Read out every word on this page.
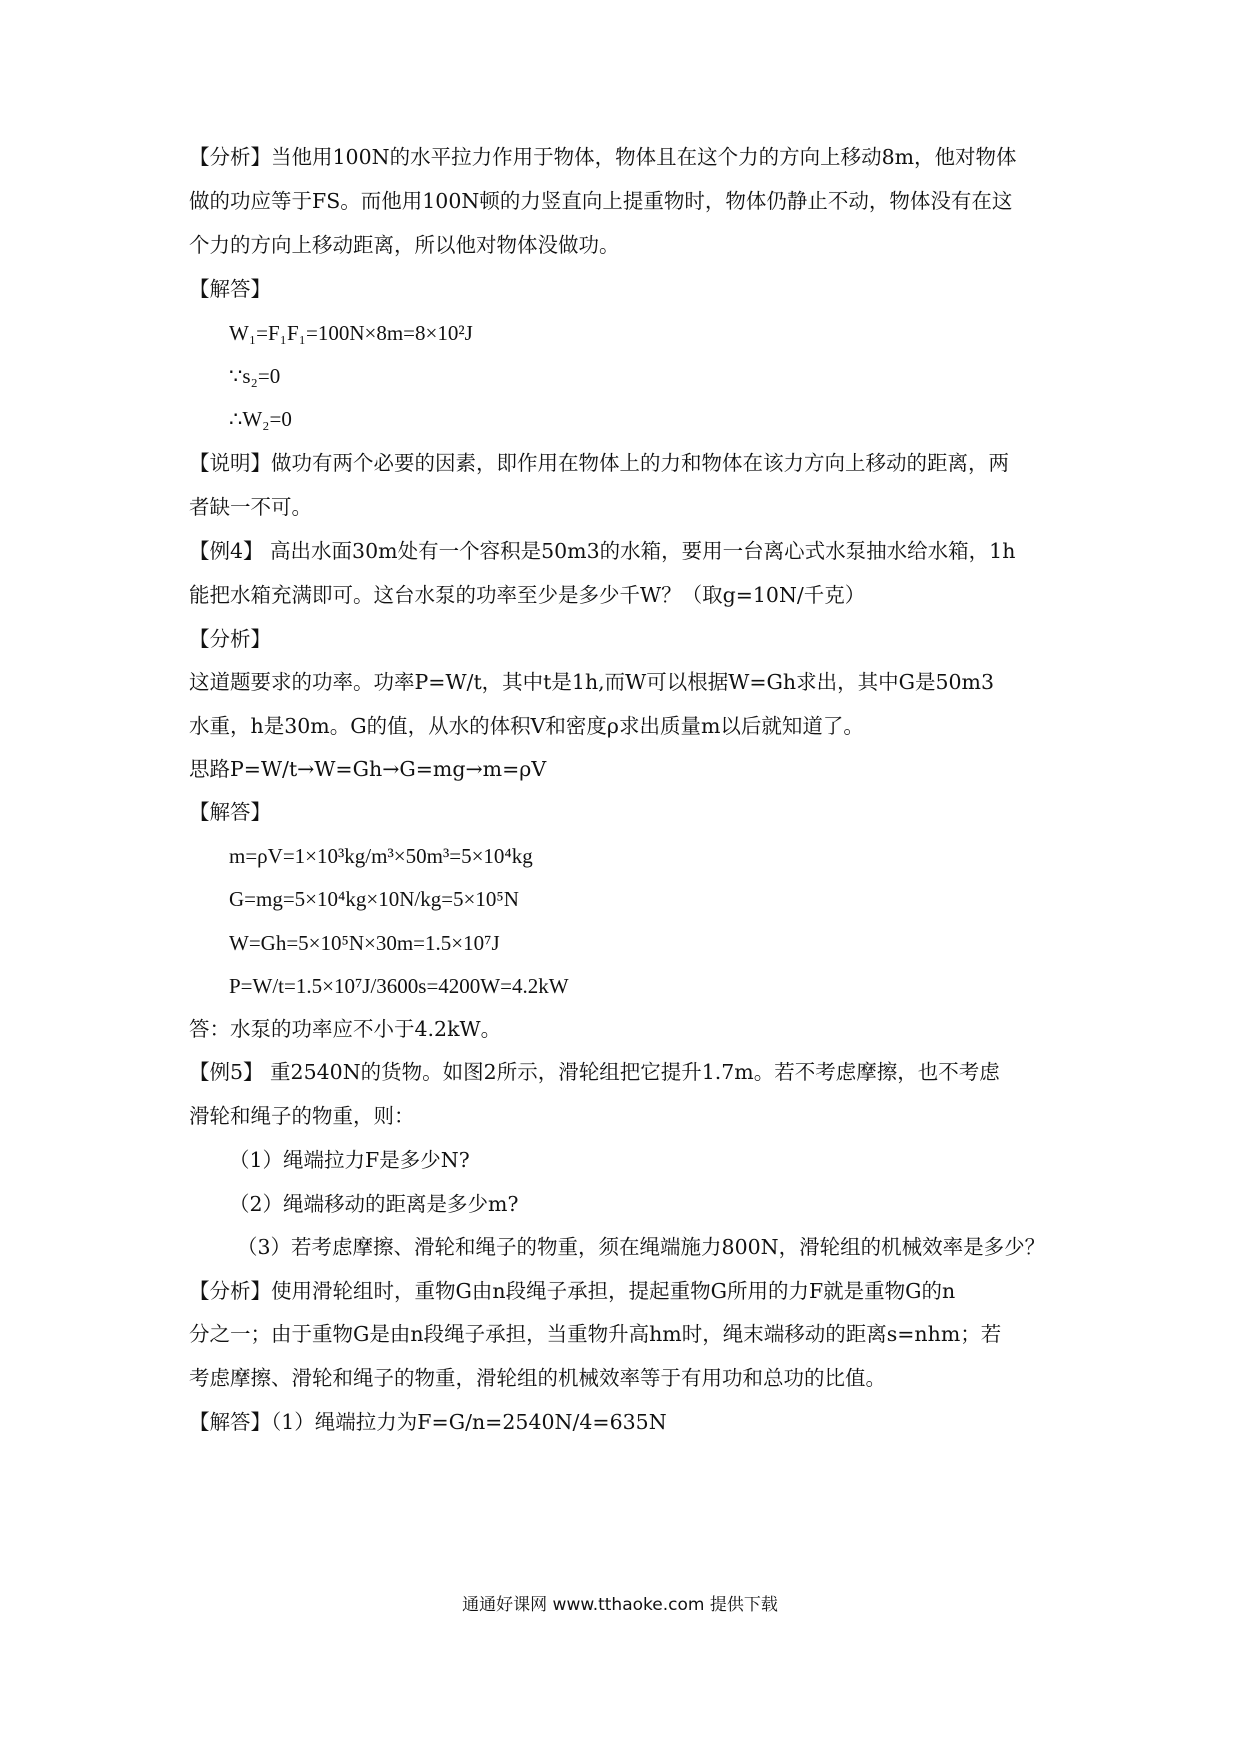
【分析】当他用100N的水平拉力作用于物体，物体且在这个力的方向上移动8m，他对物体
做的功应等于FS。而他用100N顿的力竖直向上提重物时，物体仍静止不动，物体没有在这
个力的方向上移动距离，所以他对物体没做功。
【解答】
W₁=F₁F₁=100N×8m=8×10²J
∵s₂=0
∴W₂=0
【说明】做功有两个必要的因素，即作用在物体上的力和物体在该力方向上移动的距离，两
者缺一不可。
【例4】 高出水面30m处有一个容积是50m3的水箱，要用一台离心式水泵抽水给水箱，1h
能把水箱充满即可。这台水泵的功率至少是多少千W？（取g=10N/千克）
【分析】
这道题要求的功率。功率P=W/t，其中t是1h,而W可以根据W=Gh求出，其中G是50m3
水重，h是30m。G的值，从水的体积V和密度ρ求出质量m以后就知道了。
思路P=W/t→W=Gh→G=mg→m=ρV
【解答】
m=ρV=1×10³kg/m³×50m³=5×10⁴kg
G=mg=5×10⁴kg×10N/kg=5×10⁵N
W=Gh=5×10⁵N×30m=1.5×10⁷J
P=W/t=1.5×10⁷J/3600s=4200W=4.2kW
答：水泵的功率应不小于4.2kW。
【例5】 重2540N的货物。如图2所示，滑轮组把它提升1.7m。若不考虑摩擦，也不考虑
滑轮和绳子的物重，则：
（1）绳端拉力F是多少N?
（2）绳端移动的距离是多少m?
（3）若考虑摩擦、滑轮和绳子的物重，须在绳端施力800N，滑轮组的机械效率是多少？
【分析】使用滑轮组时，重物G由n段绳子承担，提起重物G所用的力F就是重物G的n
分之一；由于重物G是由n段绳子承担，当重物升高hm时，绳末端移动的距离s=nhm；若
考虑摩擦、滑轮和绳子的物重，滑轮组的机械效率等于有用功和总功的比值。
【解答】（1）绳端拉力为F=G/n=2540N/4=635N
通通好课网 www.tthaoke.com 提供下载
